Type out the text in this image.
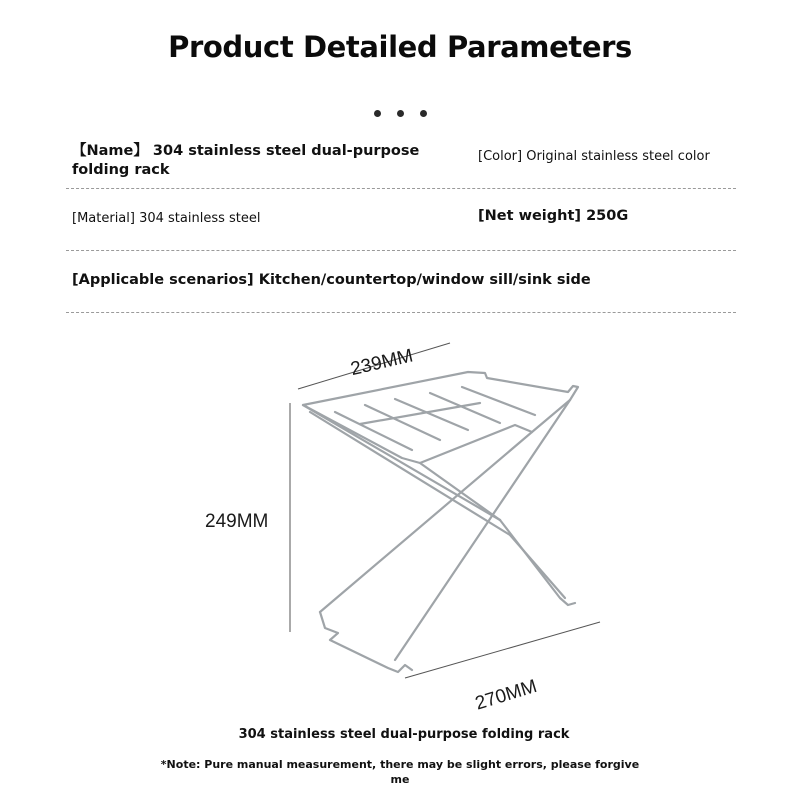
Product Detailed Parameters
【Name】 304 stainless steel dual-purpose folding rack
[Color] Original stainless steel color
[Material] 304 stainless steel	[Net weight] 250G
[Applicable scenarios] Kitchen/countertop/window sill/sink side
239MM
249MM
270MM
304 stainless steel dual-purpose folding rack
*Note: Pure manual measurement, there may be slight errors, please forgive me
